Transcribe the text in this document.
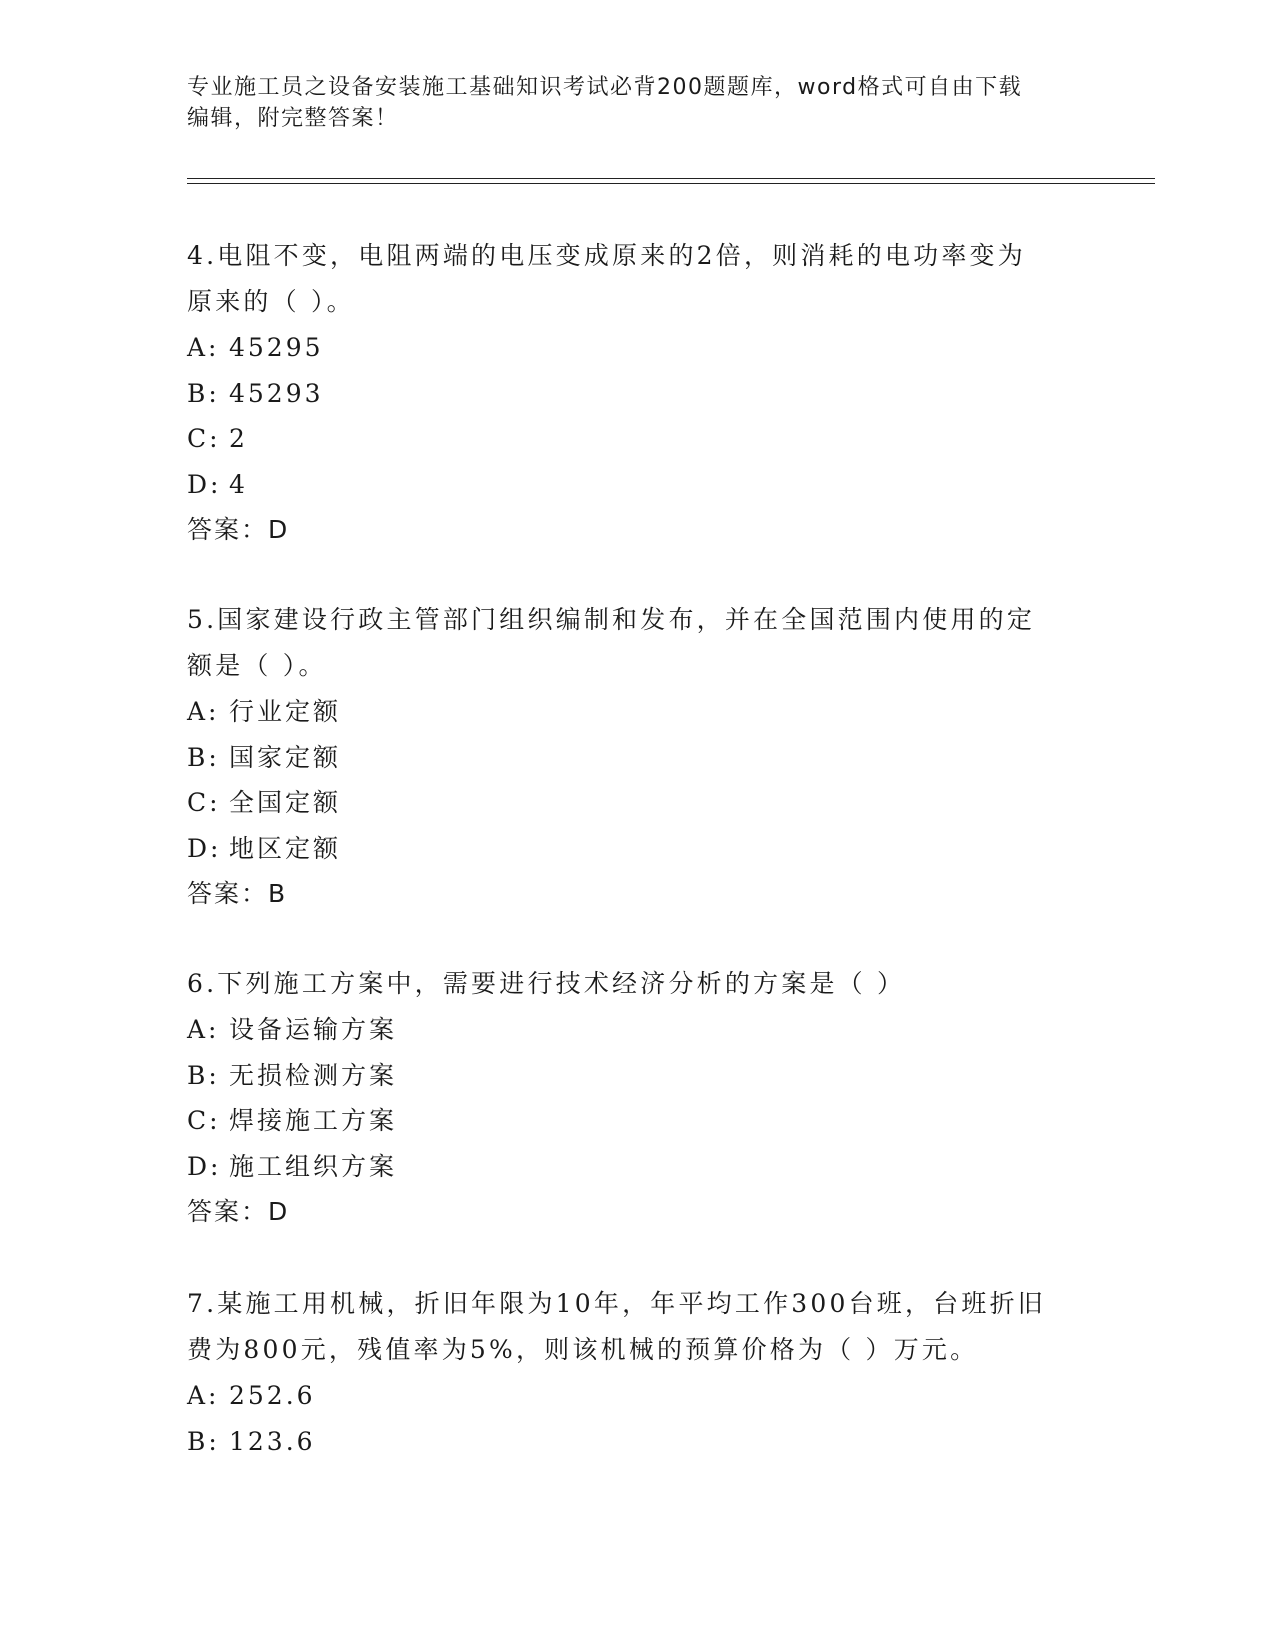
专业施工员之设备安装施工基础知识考试必背200题题库，word格式可自由下载
编辑，附完整答案！
4.电阻不变，电阻两端的电压变成原来的2倍，则消耗的电功率变为
原来的（ ）。
A: 45295
B: 45293
C: 2
D: 4
答案：D
5.国家建设行政主管部门组织编制和发布，并在全国范围内使用的定
额是（ ）。
A: 行业定额
B: 国家定额
C: 全国定额
D: 地区定额
答案：B
6.下列施工方案中，需要进行技术经济分析的方案是（ ）
A: 设备运输方案
B: 无损检测方案
C: 焊接施工方案
D: 施工组织方案
答案：D
7.某施工用机械，折旧年限为10年，年平均工作300台班，台班折旧
费为800元，残值率为5%，则该机械的预算价格为（ ）万元。
A: 252.6
B: 123.6
